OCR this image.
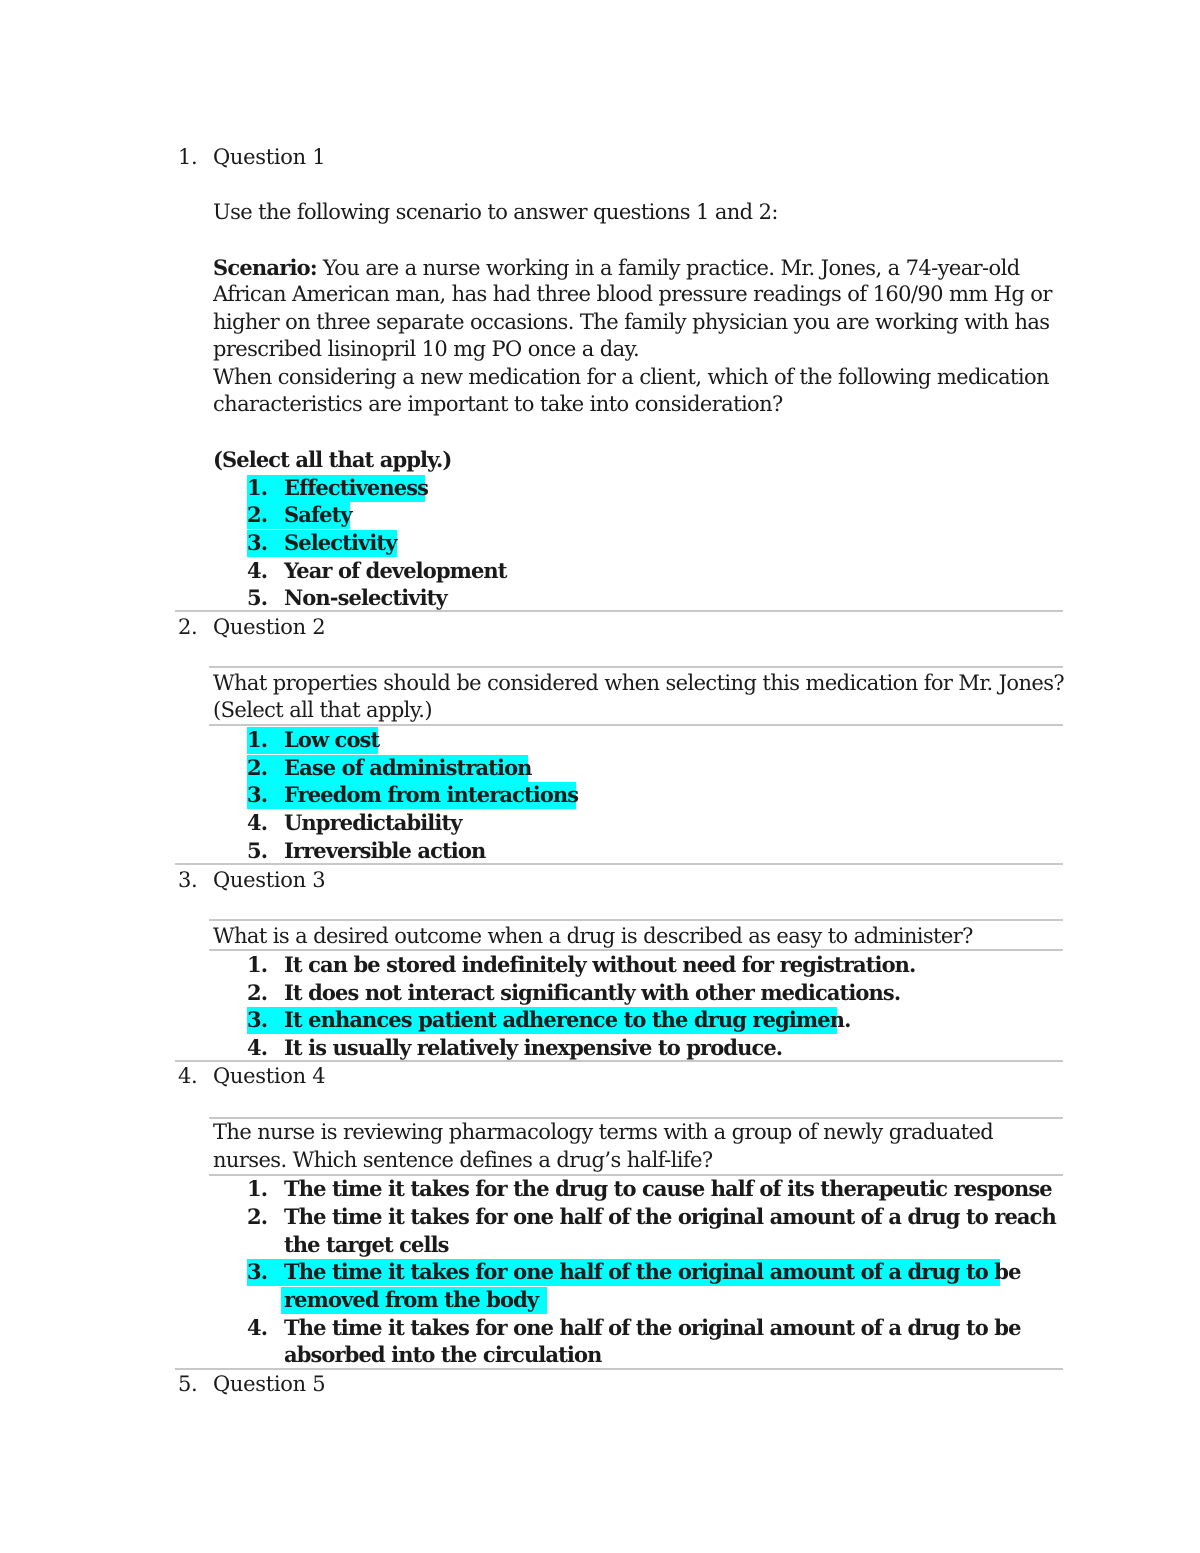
1. Question 1
Use the following scenario to answer questions 1 and 2:
Scenario: You are a nurse working in a family practice. Mr. Jones, a 74-year-old
African American man, has had three blood pressure readings of 160/90 mm Hg or
higher on three separate occasions. The family physician you are working with has
prescribed lisinopril 10 mg PO once a day.
When considering a new medication for a client, which of the following medication
characteristics are important to take into consideration?
(Select all that apply.)
1. Effectiveness
2. Safety
3. Selectivity
4. Year of development
5. Non-selectivity
2. Question 2
What properties should be considered when selecting this medication for Mr. Jones?
(Select all that apply.)
1. Low cost
2. Ease of administration
3. Freedom from interactions
4. Unpredictability
5. Irreversible action
3. Question 3
What is a desired outcome when a drug is described as easy to administer?
1. It can be stored indefinitely without need for registration.
2. It does not interact significantly with other medications.
3. It enhances patient adherence to the drug regimen.
4. It is usually relatively inexpensive to produce.
4. Question 4
The nurse is reviewing pharmacology terms with a group of newly graduated
nurses. Which sentence defines a drug’s half-life?
1. The time it takes for the drug to cause half of its therapeutic response
2. The time it takes for one half of the original amount of a drug to reach
the target cells
3. The time it takes for one half of the original amount of a drug to be
removed from the body
4. The time it takes for one half of the original amount of a drug to be
absorbed into the circulation
5. Question 5
